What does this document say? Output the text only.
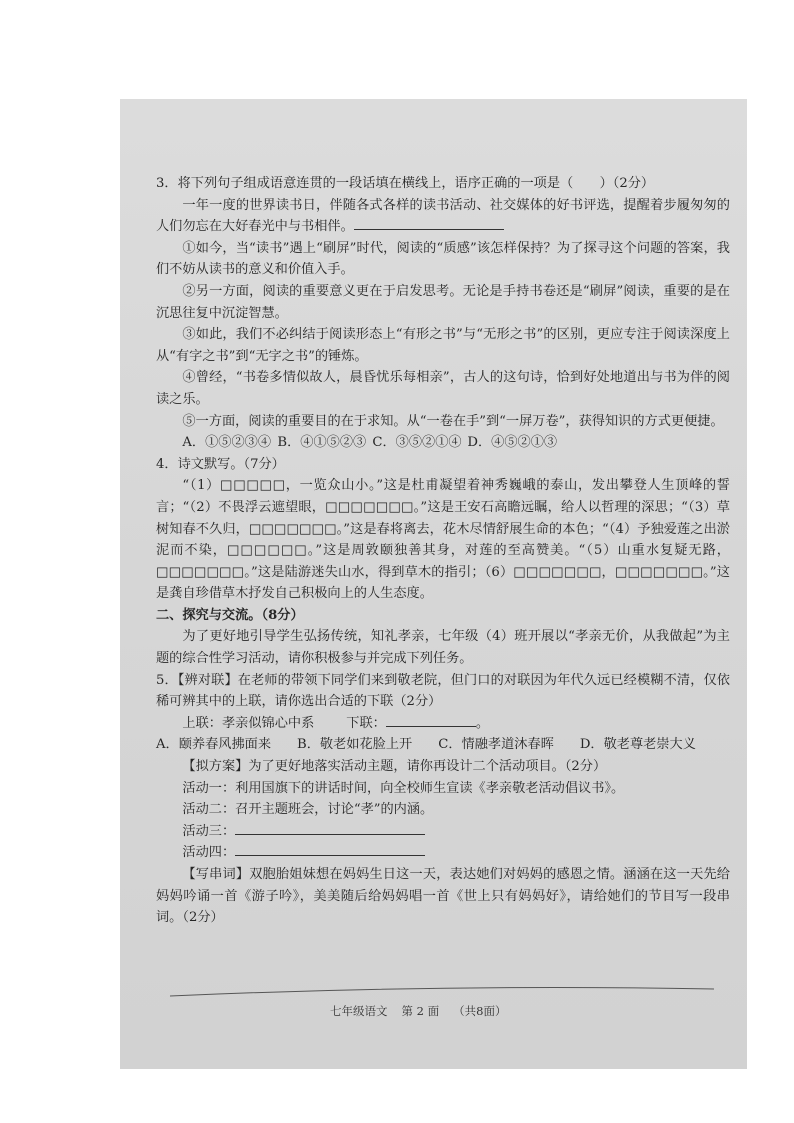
3．将下列句子组成语意连贯的一段话填在横线上，语序正确的一项是（　　）（2分）

一年一度的世界读书日，伴随各式各样的读书活动、社交媒体的好书评选，提醒着步履匆匆的人们勿忘在大好春光中与书相伴。

①如今，当“读书”遇上“刷屏”时代，阅读的“质感”该怎样保持？为了探寻这个问题的答案，我们不妨从读书的意义和价值入手。

②另一方面，阅读的重要意义更在于启发思考。无论是手持书卷还是“刷屏”阅读，重要的是在沉思往复中沉淀智慧。

③如此，我们不必纠结于阅读形态上“有形之书”与“无形之书”的区别，更应专注于阅读深度上从“有字之书”到“无字之书”的锤炼。

④曾经，“书卷多情似故人，晨昏忧乐每相亲”，古人的这句诗，恰到好处地道出与书为伴的阅读之乐。

⑤一方面，阅读的重要目的在于求知。从“一卷在手”到“一屏万卷”，获得知识的方式更便捷。

A．①⑤②③④ B．④①⑤②③ C．③⑤②①④ D．④⑤②①③

4．诗文默写。（7分）

“（1）□□□□□，一览众山小。”这是杜甫凝望着神秀巍峨的泰山，发出攀登人生顶峰的誓言；“（2）不畏浮云遮望眼，□□□□□□□。”这是王安石高瞻远瞩，给人以哲理的深思；“（3）草树知春不久归，□□□□□□□。”这是春将离去，花木尽情舒展生命的本色；“（4）予独爱莲之出淤泥而不染，□□□□□□。”这是周敦颐独善其身，对莲的至高赞美。“（5）山重水复疑无路，□□□□□□□。”这是陆游迷失山水，得到草木的指引；（6）□□□□□□□，□□□□□□□。”这是龚自珍借草木抒发自己积极向上的人生态度。

二、探究与交流。（8分）

为了更好地引导学生弘扬传统，知礼孝亲，七年级（4）班开展以“孝亲无价，从我做起”为主题的综合性学习活动，请你积极参与并完成下列任务。

5．【辨对联】在老师的带领下同学们来到敬老院，但门口的对联因为年代久远已经模糊不清，仅依稀可辨其中的上联，请你选出合适的下联（2分）

上联：孝亲似锦心中系 下联：	。

A．颐养春风拂面来 B．敬老如花脸上开 C．情融孝道沐春晖 D．敬老尊老崇大义

【拟方案】为了更好地落实活动主题，请你再设计二个活动项目。（2分）

活动一：利用国旗下的讲话时间，向全校师生宣读《孝亲敬老活动倡议书》。

活动二：召开主题班会，讨论“孝”的内涵。

活动三：

活动四：

【写串词】双胞胎姐妹想在妈妈生日这一天，表达她们对妈妈的感恩之情。涵涵在这一天先给妈妈吟诵一首《游子吟》，美美随后给妈妈唱一首《世上只有妈妈好》，请给她们的节目写一段串词。（2分）

七年级语文 第 2 面 （共8面）
